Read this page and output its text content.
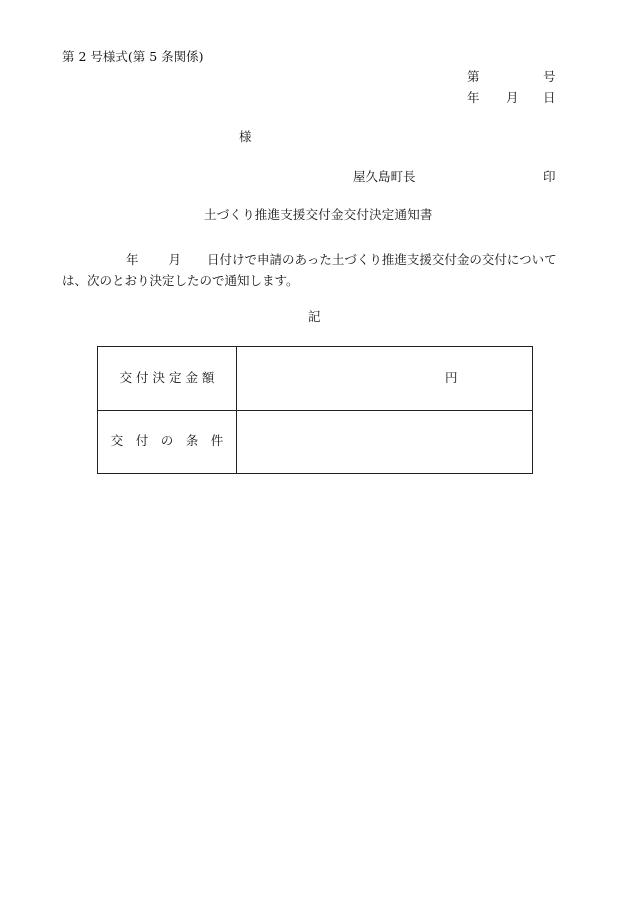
第 2 号様式(第 5 条関係)
第	号
年 月 日
様
屋久島町長	印
土づくり推進支援交付金交付決定通知書
年 月 日付けで申請のあった土づくり推進支援交付金の交付については、次のとおり決定したので通知します。
記
交 付 決 定 金 額	円
交　付　の　条　件
